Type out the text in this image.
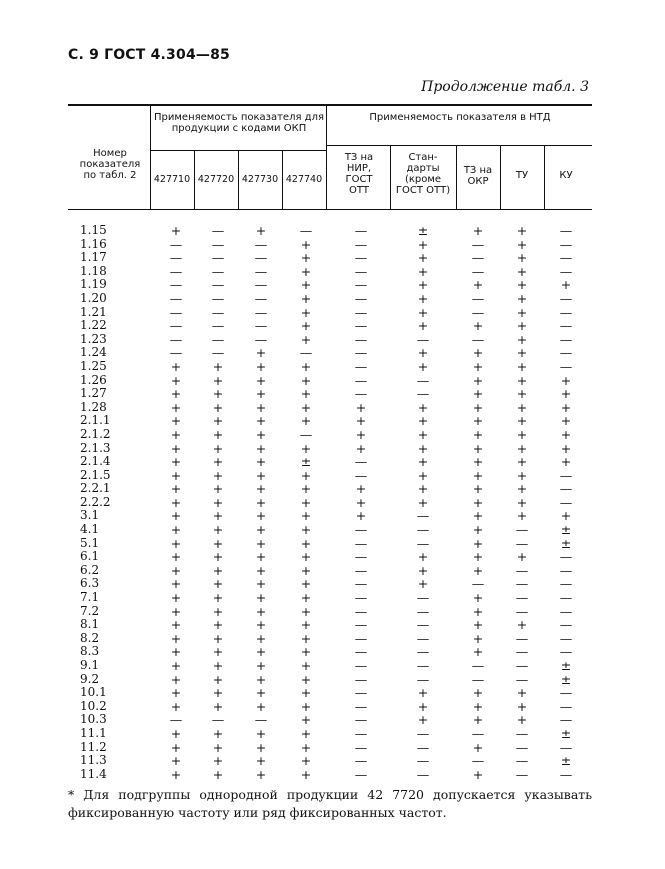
С. 9 ГОСТ 4.304—85
Продолжение табл. 3
Номер показателя по табл. 2
Применяемость показателя для продукции с кодами ОКП
Применяемость показателя в НТД
427710 427720 427730 427740
ТЗ на НИР, ГОСТ ОТТ
Стан- дарты (кроме ГОСТ ОТТ)
ТЗ на ОКР
ТУ	КУ
1.15	+	—	+	—	—	±	+	+	—
1.16	—	—	—	+	—	+	—	+	—
1.17	—	—	—	+	—	+	—	+	—
1.18	—	—	—	+	—	+	—	+	—
1.19	—	—	—	+	—	+	+	+	+
1.20	—	—	—	+	—	+	—	+	—
1.21	—	—	—	+	—	+	—	+	—
1.22	—	—	—	+	—	+	+	+	—
1.23	—	—	—	+	—	—	—	+	—
1.24	—	—	+	—	—	+	+	+	—
1.25	+	+	+	+	—	+	+	+	—
1.26	+	+	+	+	—	—	+	+	+
1.27	+	+	+	+	—	—	+	+	+
1.28	+	+	+	+	+	+	+	+	+
2.1.1	+	+	+	+	+	+	+	+	+
2.1.2	+	+	+	—	+	+	+	+	+
2.1.3	+	+	+	+	+	+	+	+	+
2.1.4	+	+	+	±	—	+	+	+	+
2.1.5	+	+	+	+	—	+	+	+	—
2.2.1	+	+	+	+	+	+	+	+	—
2.2.2	+	+	+	+	+	+	+	+	—
3.1	+	+	+	+	+	—	+	+	+
4.1	+	+	+	+	—	—	+	—	±
5.1	+	+	+	+	—	—	+	—	±
6.1	+	+	+	+	—	+	+	+	—
6.2	+	+	+	+	—	+	+	—	—
6.3	+	+	+	+	—	+	—	—	—
7.1	+	+	+	+	—	—	+	—	—
7.2	+	+	+	+	—	—	+	—	—
8.1	+	+	+	+	—	—	+	+	—
8.2	+	+	+	+	—	—	+	—	—
8.3	+	+	+	+	—	—	+	—	—
9.1	+	+	+	+	—	—	—	—	±
9.2	+	+	+	+	—	—	—	—	±
10.1	+	+	+	+	—	+	+	+	—
10.2	+	+	+	+	—	+	+	+	—
10.3	—	—	—	+	—	+	+	+	—
11.1	+	+	+	+	—	—	—	—	±
11.2	+	+	+	+	—	—	+	—	—
11.3	+	+	+	+	—	—	—	—	±
11.4	+	+	+	+	—	—	+	—	—
* Для подгруппы однородной продукции 42 7720 допускается указывать фиксированную частоту или ряд фиксированных частот.
